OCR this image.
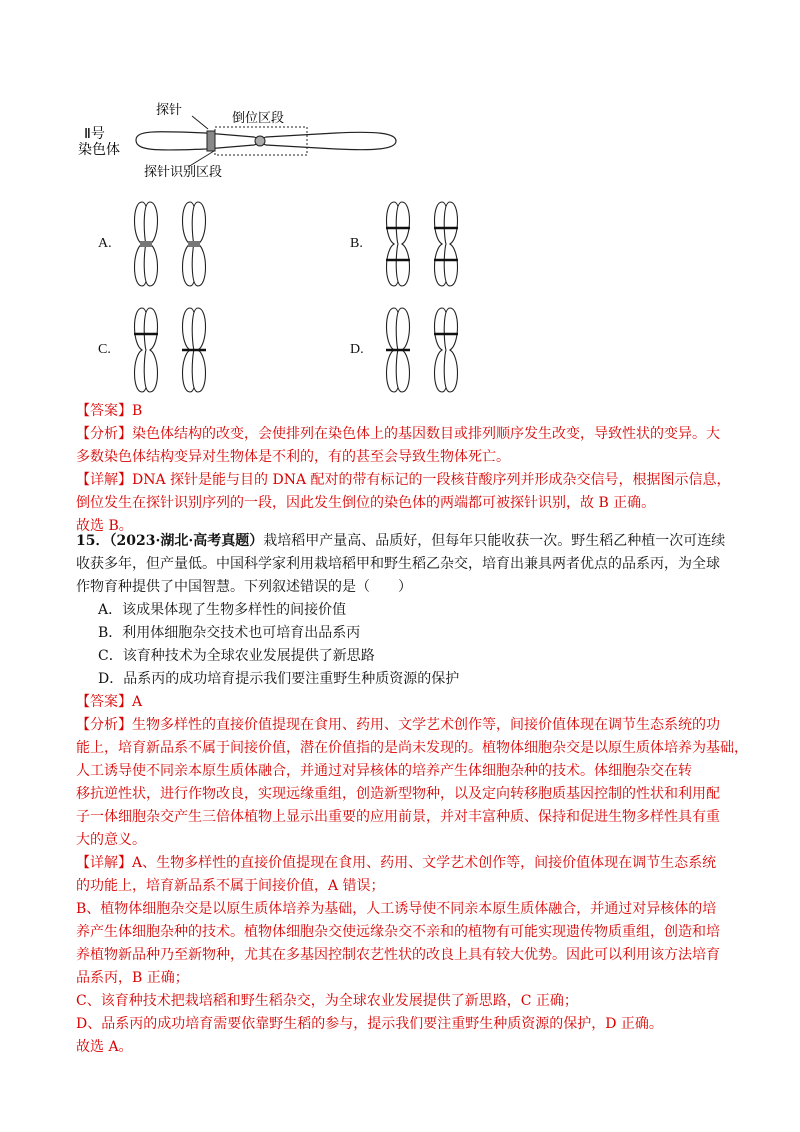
Ⅱ号
染色体
探针
倒位区段
探针识别区段
A.	B.
C.	D.
【答案】B
【分析】染色体结构的改变，会使排列在染色体上的基因数目或排列顺序发生改变，导致性状的变异。大
多数染色体结构变异对生物体是不利的，有的甚至会导致生物体死亡。
【详解】DNA 探针是能与目的 DNA 配对的带有标记的一段核苷酸序列并形成杂交信号，根据图示信息，
倒位发生在探针识别序列的一段，因此发生倒位的染色体的两端都可被探针识别，故 B 正确。
故选 B。
15．（2023·湖北·高考真题）栽培稻甲产量高、品质好，但每年只能收获一次。野生稻乙种植一次可连续
收获多年，但产量低。中国科学家利用栽培稻甲和野生稻乙杂交，培育出兼具两者优点的品系丙，为全球
作物育种提供了中国智慧。下列叙述错误的是（　　）
A．该成果体现了生物多样性的间接价值
B．利用体细胞杂交技术也可培育出品系丙
C．该育种技术为全球农业发展提供了新思路
D．品系丙的成功培育提示我们要注重野生种质资源的保护
【答案】A
【分析】生物多样性的直接价值提现在食用、药用、文学艺术创作等，间接价值体现在调节生态系统的功
能上，培育新品系不属于间接价值，潜在价值指的是尚未发现的。植物体细胞杂交是以原生质体培养为基础，
人工诱导使不同亲本原生质体融合，并通过对异核体的培养产生体细胞杂种的技术。体细胞杂交在转
移抗逆性状，进行作物改良，实现远缘重组，创造新型物种，以及定向转移胞质基因控制的性状和利用配
子一体细胞杂交产生三倍体植物上显示出重要的应用前景，并对丰富种质、保持和促进生物多样性具有重
大的意义。
【详解】A、生物多样性的直接价值提现在食用、药用、文学艺术创作等，间接价值体现在调节生态系统
的功能上，培育新品系不属于间接价值，A 错误；
B、植物体细胞杂交是以原生质体培养为基础，人工诱导使不同亲本原生质体融合，并通过对异核体的培
养产生体细胞杂种的技术。植物体细胞杂交使远缘杂交不亲和的植物有可能实现遗传物质重组，创造和培
养植物新品种乃至新物种，尤其在多基因控制农艺性状的改良上具有较大优势。因此可以利用该方法培育
品系丙，B 正确；
C、该育种技术把栽培稻和野生稻杂交，为全球农业发展提供了新思路，C 正确；
D、品系丙的成功培育需要依靠野生稻的参与，提示我们要注重野生种质资源的保护，D 正确。
故选 A。
